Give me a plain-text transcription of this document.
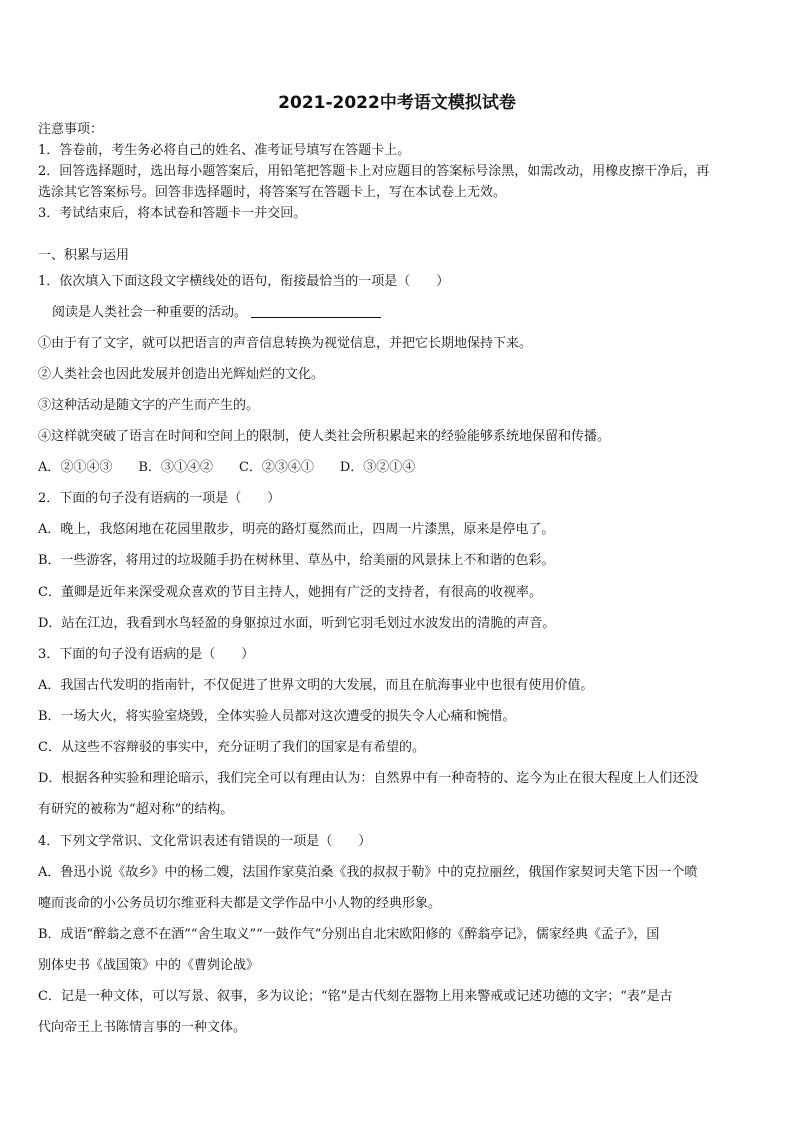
2021-2022中考语文模拟试卷
注意事项：
1．答卷前，考生务必将自己的姓名、准考证号填写在答题卡上。
2．回答选择题时，选出每小题答案后，用铅笔把答题卡上对应题目的答案标号涂黑，如需改动，用橡皮擦干净后，再
选涂其它答案标号。回答非选择题时，将答案写在答题卡上，写在本试卷上无效。
3．考试结束后，将本试卷和答题卡一并交回。
一、积累与运用
1．依次填入下面这段文字横线处的语句，衔接最恰当的一项是（　　）
阅读是人类社会一种重要的活动。
①由于有了文字，就可以把语言的声音信息转换为视觉信息，并把它长期地保持下来。
②人类社会也因此发展并创造出光辉灿烂的文化。
③这种活动是随文字的产生而产生的。
④这样就突破了语言在时间和空间上的限制，使人类社会所积累起来的经验能够系统地保留和传播。
A．②①④③　　B．③①④②　　C．②③④①　　D．③②①④
2．下面的句子没有语病的一项是（　　）
A．晚上，我悠闲地在花园里散步，明亮的路灯戛然而止，四周一片漆黑，原来是停电了。
B．一些游客，将用过的垃圾随手扔在树林里、草丛中，给美丽的风景抹上不和谐的色彩。
C．董卿是近年来深受观众喜欢的节目主持人，她拥有广泛的支持者，有很高的收视率。
D．站在江边，我看到水鸟轻盈的身躯掠过水面，听到它羽毛划过水波发出的清脆的声音。
3．下面的句子没有语病的是（　　）
A．我国古代发明的指南针，不仅促进了世界文明的大发展，而且在航海事业中也很有使用价值。
B．一场大火，将实验室烧毁，全体实验人员都对这次遭受的损失令人心痛和惋惜。
C．从这些不容辩驳的事实中，充分证明了我们的国家是有希望的。
D．根据各种实验和理论暗示，我们完全可以有理由认为：自然界中有一种奇特的、迄今为止在很大程度上人们还没
有研究的被称为“超对称”的结构。
4．下列文学常识、文化常识表述有错误的一项是（　　）
A．鲁迅小说《故乡》中的杨二嫂，法国作家莫泊桑《我的叔叔于勒》中的克拉丽丝，俄国作家契诃夫笔下因一个喷
嚏而丧命的小公务员切尔维亚科夫都是文学作品中小人物的经典形象。
B．成语“醉翁之意不在酒”“舍生取义”“一鼓作气”分别出自北宋欧阳修的《醉翁亭记》，儒家经典《孟子》，国
别体史书《战国策》中的《曹刿论战》
C．记是一种文体，可以写景、叙事，多为议论；“铭”是古代刻在器物上用来警戒或记述功德的文字；“表”是古
代向帝王上书陈情言事的一种文体。
